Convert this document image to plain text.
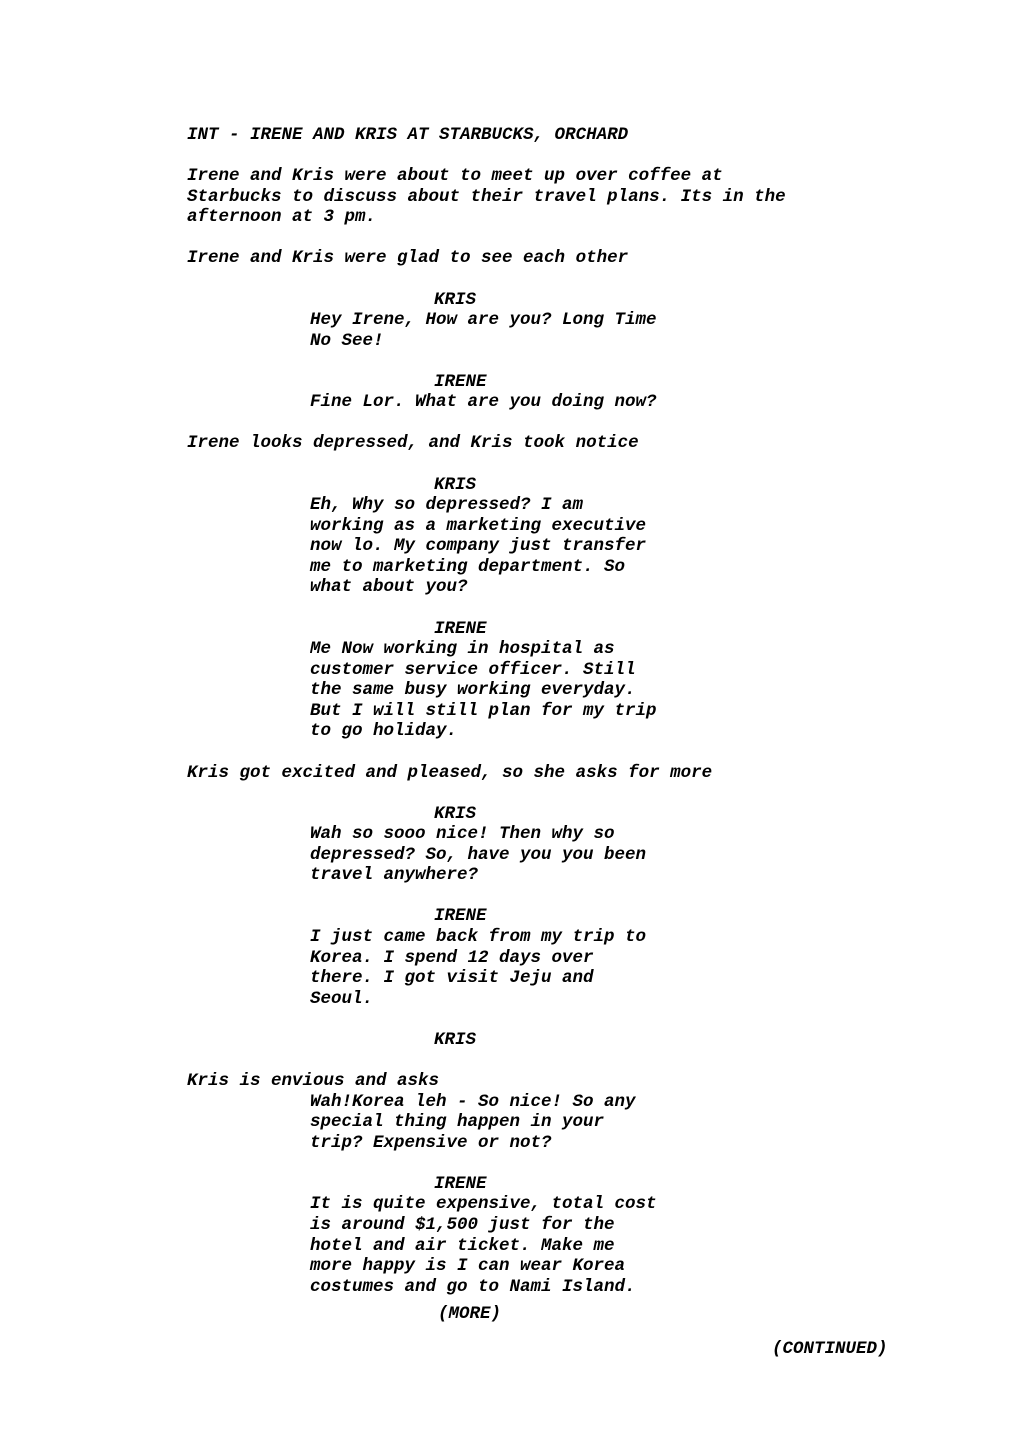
INT - IRENE AND KRIS AT STARBUCKS, ORCHARD
Irene and Kris were about to meet up over coffee at
Starbucks to discuss about their travel plans. Its in the
afternoon at 3 pm.
Irene and Kris were glad to see each other
KRIS
Hey Irene, How are you? Long Time
No See!
IRENE
Fine Lor. What are you doing now?
Irene looks depressed, and Kris took notice
KRIS
Eh, Why so depressed? I am
working as a marketing executive
now lo. My company just transfer
me to marketing department. So
what about you?
IRENE
Me Now working in hospital as
customer service officer. Still
the same busy working everyday.
But I will still plan for my trip
to go holiday.
Kris got excited and pleased, so she asks for more
KRIS
Wah so sooo nice! Then why so
depressed? So, have you you been
travel anywhere?
IRENE
I just came back from my trip to
Korea. I spend 12 days over
there. I got visit Jeju and
Seoul.
KRIS
Kris is envious and asks
Wah!Korea leh - So nice! So any
special thing happen in your
trip? Expensive or not?
IRENE
It is quite expensive, total cost
is around $1,500 just for the
hotel and air ticket. Make me
more happy is I can wear Korea
costumes and go to Nami Island.
(MORE)
(CONTINUED)
